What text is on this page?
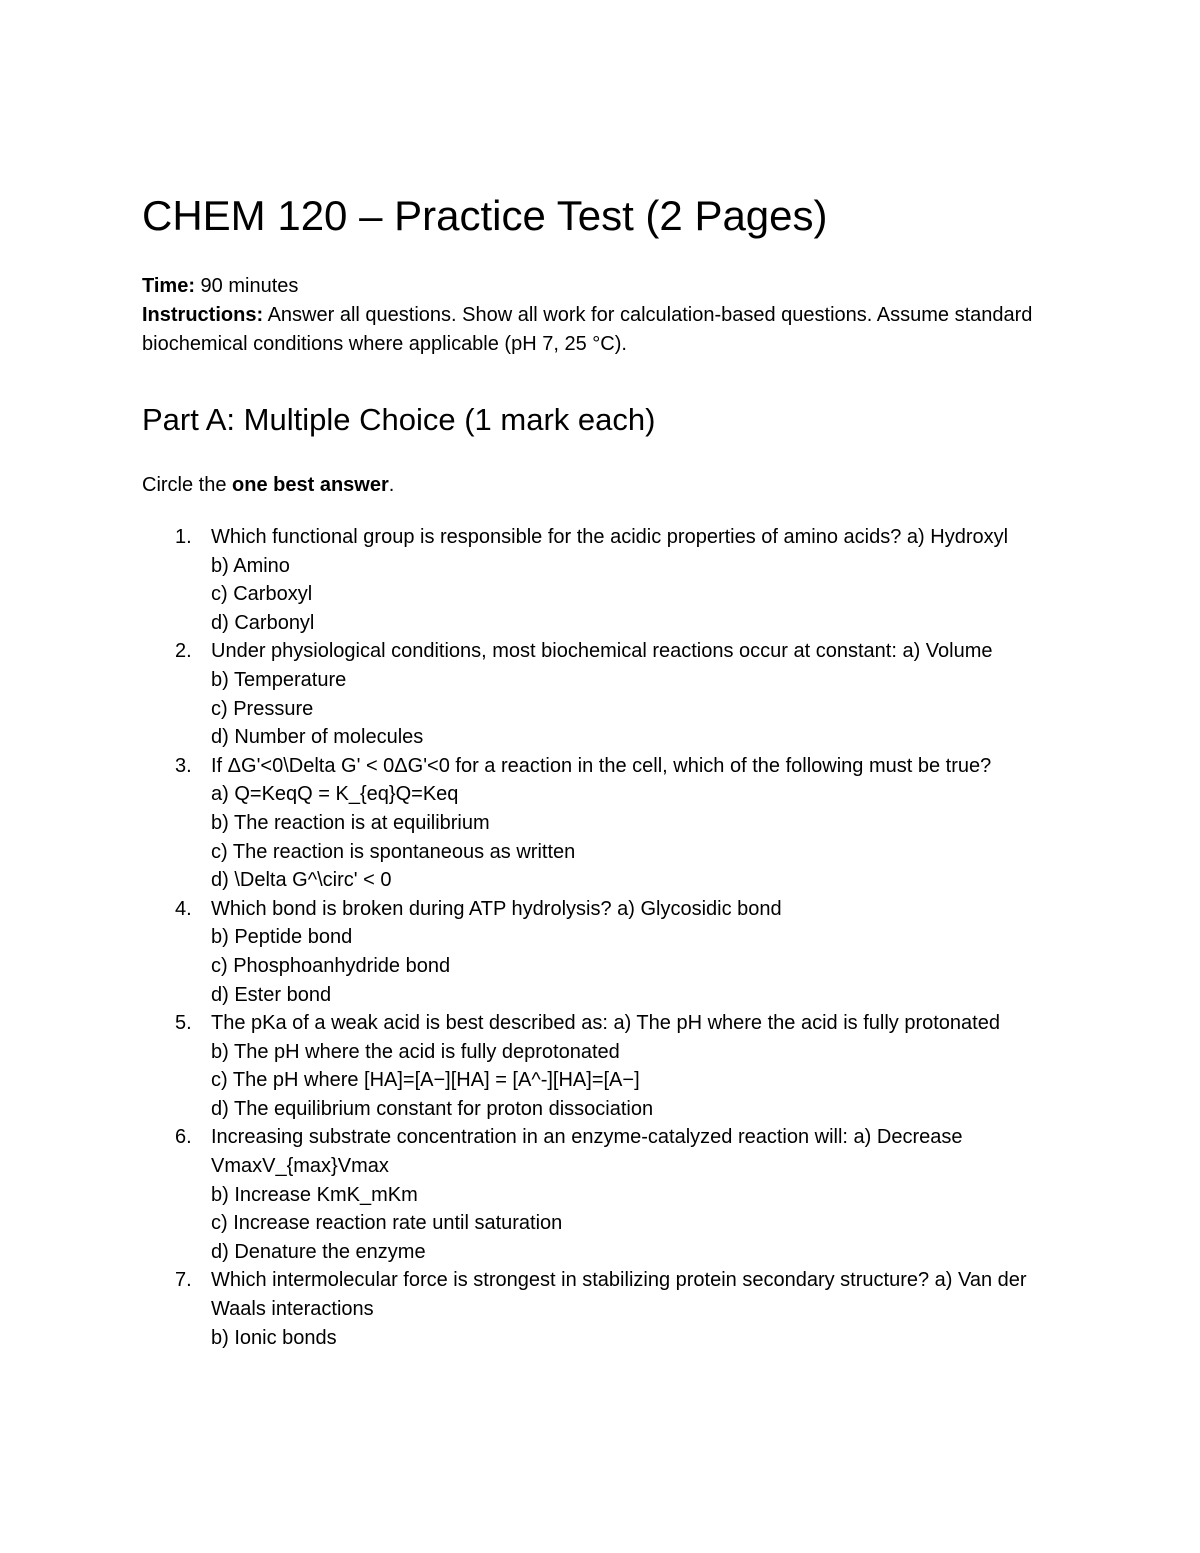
CHEM 120 – Practice Test (2 Pages)
Time: 90 minutes
Instructions: Answer all questions. Show all work for calculation-based questions. Assume standard biochemical conditions where applicable (pH 7, 25 °C).
Part A: Multiple Choice (1 mark each)
Circle the one best answer.
1. Which functional group is responsible for the acidic properties of amino acids? a) Hydroxyl
b) Amino
c) Carboxyl
d) Carbonyl
2. Under physiological conditions, most biochemical reactions occur at constant: a) Volume
b) Temperature
c) Pressure
d) Number of molecules
3. If ΔG'<0\Delta G' < 0ΔG'<0 for a reaction in the cell, which of the following must be true?
a) Q=KeqQ = K_{eq}Q=Keq
b) The reaction is at equilibrium
c) The reaction is spontaneous as written
d) \Delta G^\circ' < 0
4. Which bond is broken during ATP hydrolysis? a) Glycosidic bond
b) Peptide bond
c) Phosphoanhydride bond
d) Ester bond
5. The pKa of a weak acid is best described as: a) The pH where the acid is fully protonated
b) The pH where the acid is fully deprotonated
c) The pH where [HA]=[A−][HA] = [A^-][HA]=[A−]
d) The equilibrium constant for proton dissociation
6. Increasing substrate concentration in an enzyme-catalyzed reaction will: a) Decrease VmaxV_{max}Vmax
b) Increase KmK_mKm
c) Increase reaction rate until saturation
d) Denature the enzyme
7. Which intermolecular force is strongest in stabilizing protein secondary structure? a) Van der Waals interactions
b) Ionic bonds
